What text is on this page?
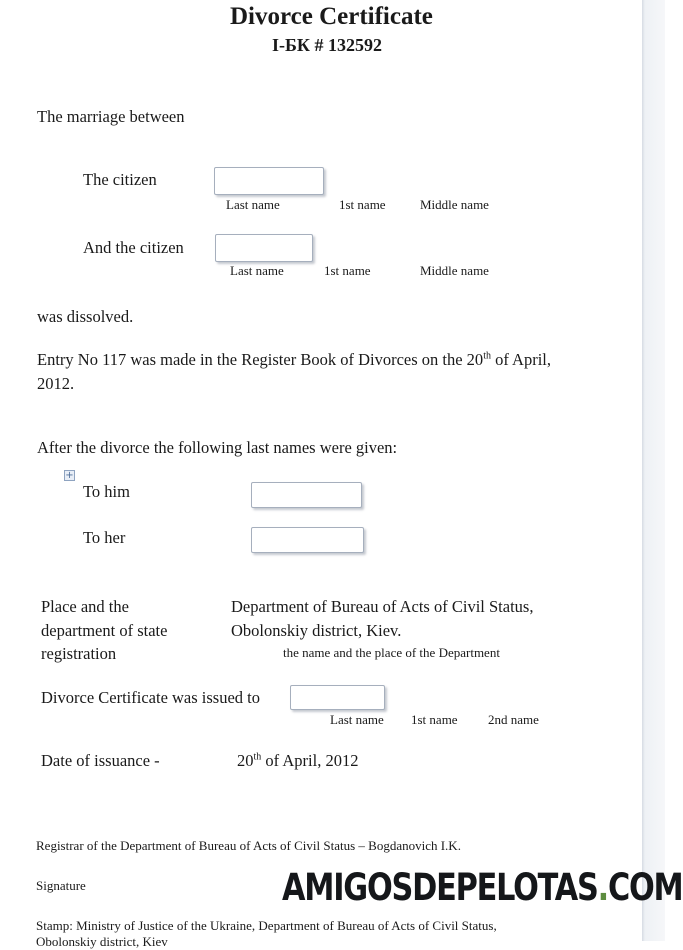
Divorce Certificate
I-БК # 132592
The marriage between
The citizen
Last name	1st name	Middle name
And the citizen
Last name	1st name	Middle name
was dissolved.
Entry No 117 was made in the Register Book of Divorces on the 20th of April,
2012.
After the divorce the following last names were given:
+
To him
To her
Place and the
department of state
registration
Department of Bureau of Acts of Civil Status,
Obolonskiy district, Kiev.
the name and the place of the Department
Divorce Certificate was issued to
Last name 1st name 2nd name
Date of issuance -	20th of April, 2012
Registrar of the Department of Bureau of Acts of Civil Status – Bogdanovich I.K.
Signature
Stamp: Ministry of Justice of the Ukraine, Department of Bureau of Acts of Civil Status,
Obolonskiy district, Kiev
AMIGOSDEPELOTAS.COM
